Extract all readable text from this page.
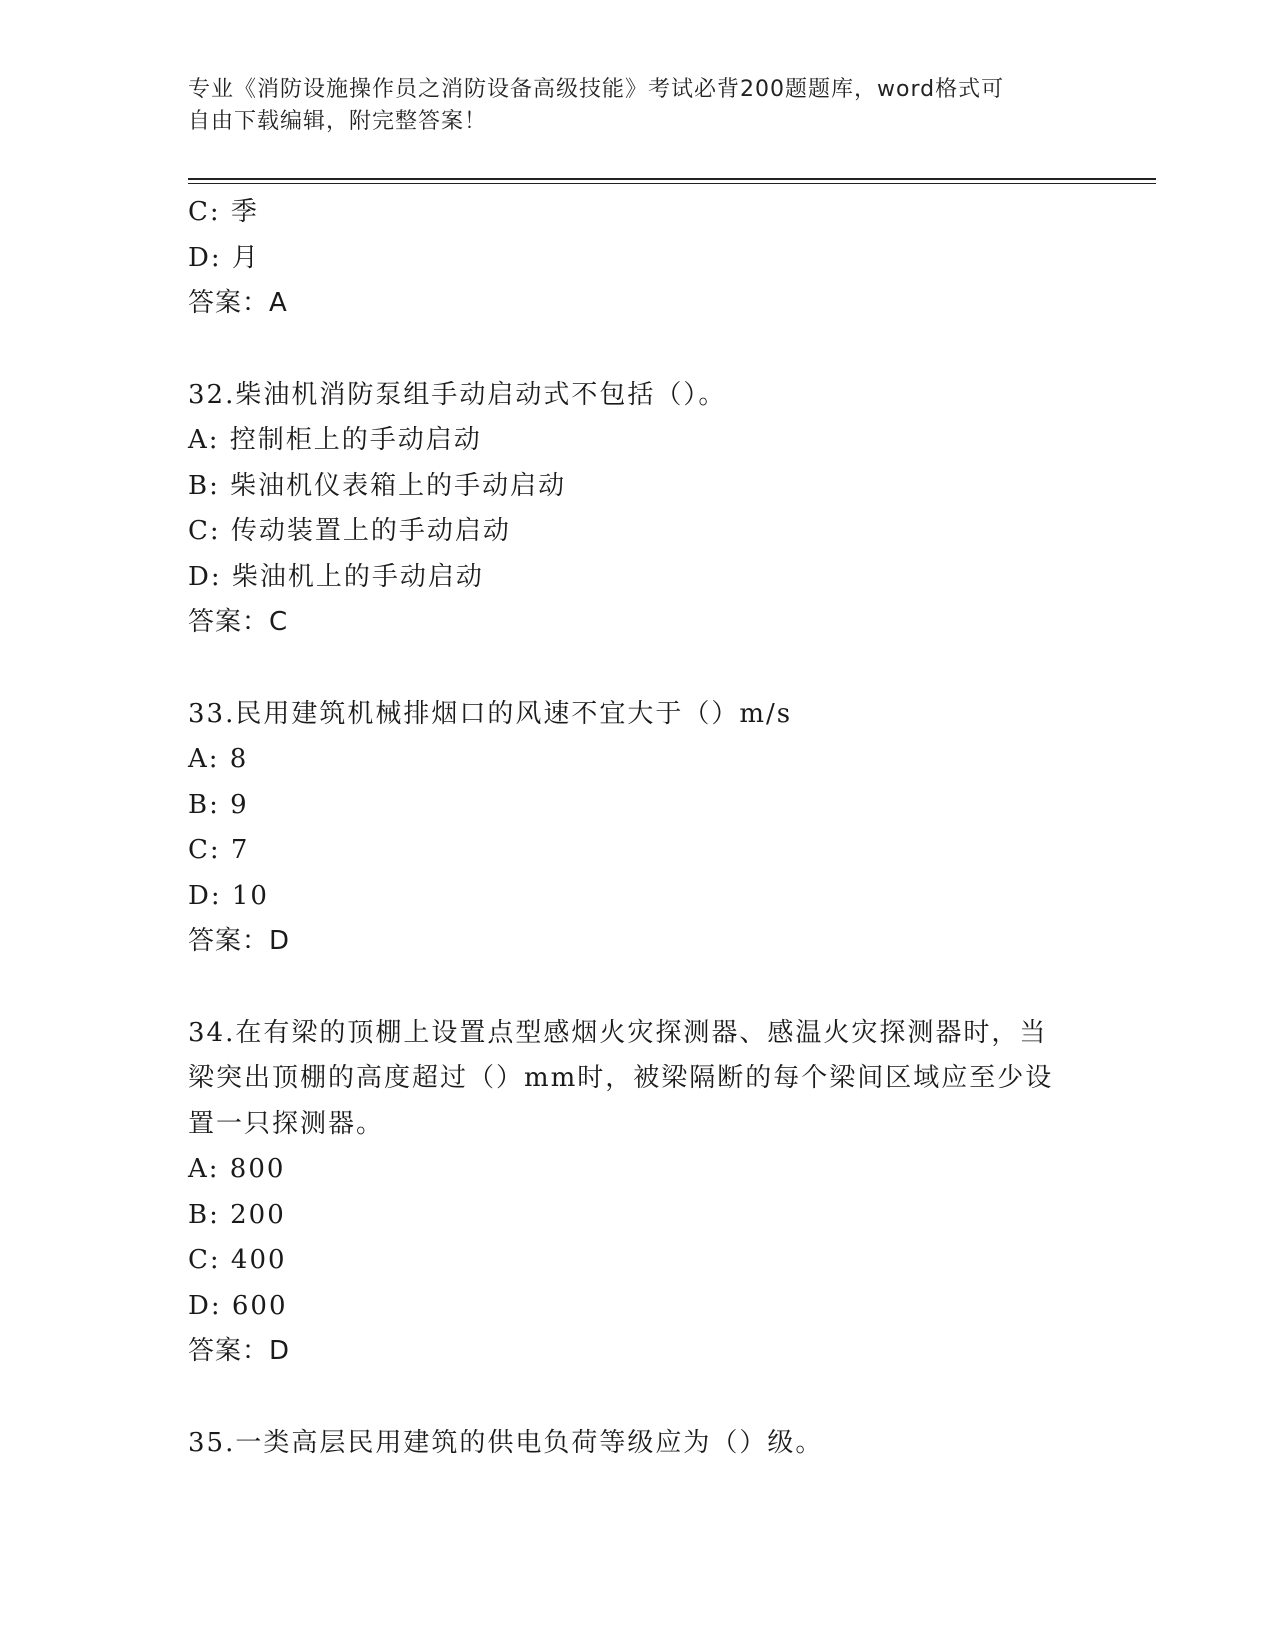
专业《消防设施操作员之消防设备高级技能》考试必背200题题库，word格式可
自由下载编辑，附完整答案！
C: 季
D: 月
答案：A
32.柴油机消防泵组手动启动式不包括（）。
A: 控制柜上的手动启动
B: 柴油机仪表箱上的手动启动
C: 传动装置上的手动启动
D: 柴油机上的手动启动
答案：C
33.民用建筑机械排烟口的风速不宜大于（）m/s
A: 8
B: 9
C: 7
D: 10
答案：D
34.在有梁的顶棚上设置点型感烟火灾探测器、感温火灾探测器时，当
梁突出顶棚的高度超过（）mm时，被梁隔断的每个梁间区域应至少设
置一只探测器。
A: 800
B: 200
C: 400
D: 600
答案：D
35.一类高层民用建筑的供电负荷等级应为（）级。
